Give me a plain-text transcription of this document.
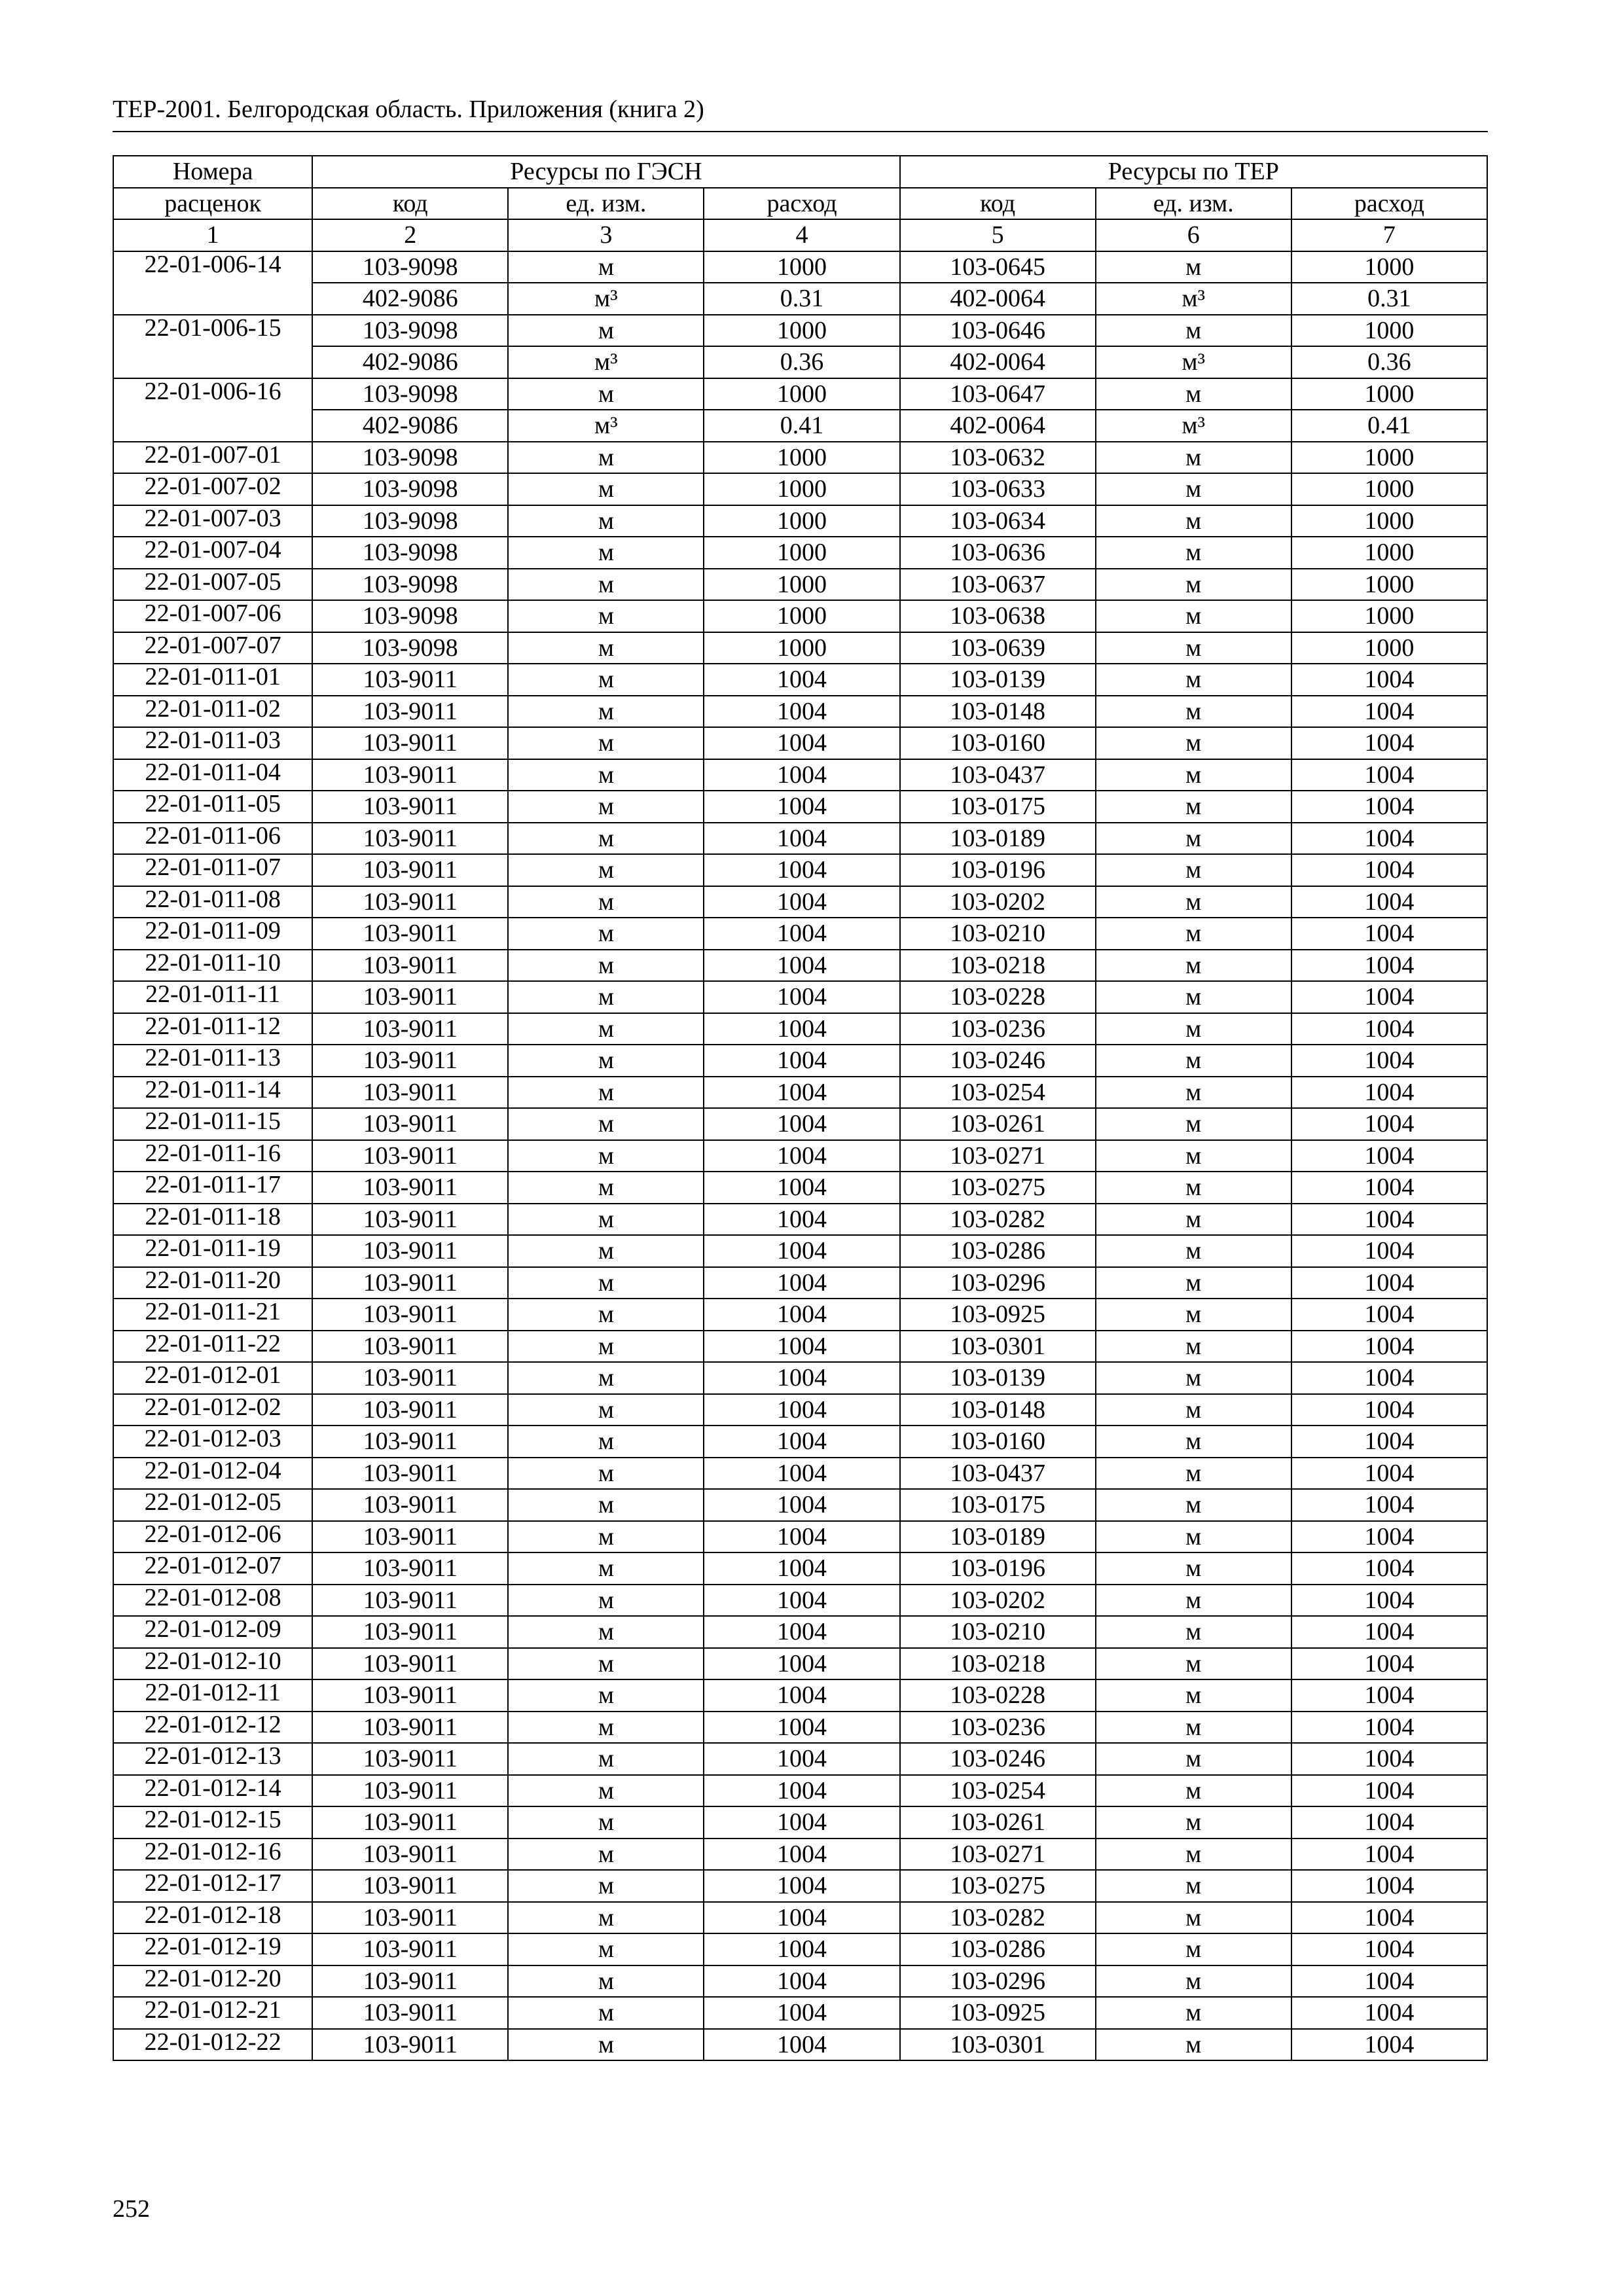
ТЕР-2001. Белгородская область. Приложения (книга 2)
Номера	Ресурсы по ГЭСН			Ресурсы по ТЕР		
расценок	код	ед. изм.	расход	код	ед. изм.	расход
1	2	3	4	5	6	7
22-01-006-14	103-9098	м	1000	103-0645	м	1000
	402-9086	м³	0.31	402-0064	м³	0.31
22-01-006-15	103-9098	м	1000	103-0646	м	1000
	402-9086	м³	0.36	402-0064	м³	0.36
22-01-006-16	103-9098	м	1000	103-0647	м	1000
	402-9086	м³	0.41	402-0064	м³	0.41
22-01-007-01	103-9098	м	1000	103-0632	м	1000
22-01-007-02	103-9098	м	1000	103-0633	м	1000
22-01-007-03	103-9098	м	1000	103-0634	м	1000
22-01-007-04	103-9098	м	1000	103-0636	м	1000
22-01-007-05	103-9098	м	1000	103-0637	м	1000
22-01-007-06	103-9098	м	1000	103-0638	м	1000
22-01-007-07	103-9098	м	1000	103-0639	м	1000
22-01-011-01	103-9011	м	1004	103-0139	м	1004
22-01-011-02	103-9011	м	1004	103-0148	м	1004
22-01-011-03	103-9011	м	1004	103-0160	м	1004
22-01-011-04	103-9011	м	1004	103-0437	м	1004
22-01-011-05	103-9011	м	1004	103-0175	м	1004
22-01-011-06	103-9011	м	1004	103-0189	м	1004
22-01-011-07	103-9011	м	1004	103-0196	м	1004
22-01-011-08	103-9011	м	1004	103-0202	м	1004
22-01-011-09	103-9011	м	1004	103-0210	м	1004
22-01-011-10	103-9011	м	1004	103-0218	м	1004
22-01-011-11	103-9011	м	1004	103-0228	м	1004
22-01-011-12	103-9011	м	1004	103-0236	м	1004
22-01-011-13	103-9011	м	1004	103-0246	м	1004
22-01-011-14	103-9011	м	1004	103-0254	м	1004
22-01-011-15	103-9011	м	1004	103-0261	м	1004
22-01-011-16	103-9011	м	1004	103-0271	м	1004
22-01-011-17	103-9011	м	1004	103-0275	м	1004
22-01-011-18	103-9011	м	1004	103-0282	м	1004
22-01-011-19	103-9011	м	1004	103-0286	м	1004
22-01-011-20	103-9011	м	1004	103-0296	м	1004
22-01-011-21	103-9011	м	1004	103-0925	м	1004
22-01-011-22	103-9011	м	1004	103-0301	м	1004
22-01-012-01	103-9011	м	1004	103-0139	м	1004
22-01-012-02	103-9011	м	1004	103-0148	м	1004
22-01-012-03	103-9011	м	1004	103-0160	м	1004
22-01-012-04	103-9011	м	1004	103-0437	м	1004
22-01-012-05	103-9011	м	1004	103-0175	м	1004
22-01-012-06	103-9011	м	1004	103-0189	м	1004
22-01-012-07	103-9011	м	1004	103-0196	м	1004
22-01-012-08	103-9011	м	1004	103-0202	м	1004
22-01-012-09	103-9011	м	1004	103-0210	м	1004
22-01-012-10	103-9011	м	1004	103-0218	м	1004
22-01-012-11	103-9011	м	1004	103-0228	м	1004
22-01-012-12	103-9011	м	1004	103-0236	м	1004
22-01-012-13	103-9011	м	1004	103-0246	м	1004
22-01-012-14	103-9011	м	1004	103-0254	м	1004
22-01-012-15	103-9011	м	1004	103-0261	м	1004
22-01-012-16	103-9011	м	1004	103-0271	м	1004
22-01-012-17	103-9011	м	1004	103-0275	м	1004
22-01-012-18	103-9011	м	1004	103-0282	м	1004
22-01-012-19	103-9011	м	1004	103-0286	м	1004
22-01-012-20	103-9011	м	1004	103-0296	м	1004
22-01-012-21	103-9011	м	1004	103-0925	м	1004
22-01-012-22	103-9011	м	1004	103-0301	м	1004
252
